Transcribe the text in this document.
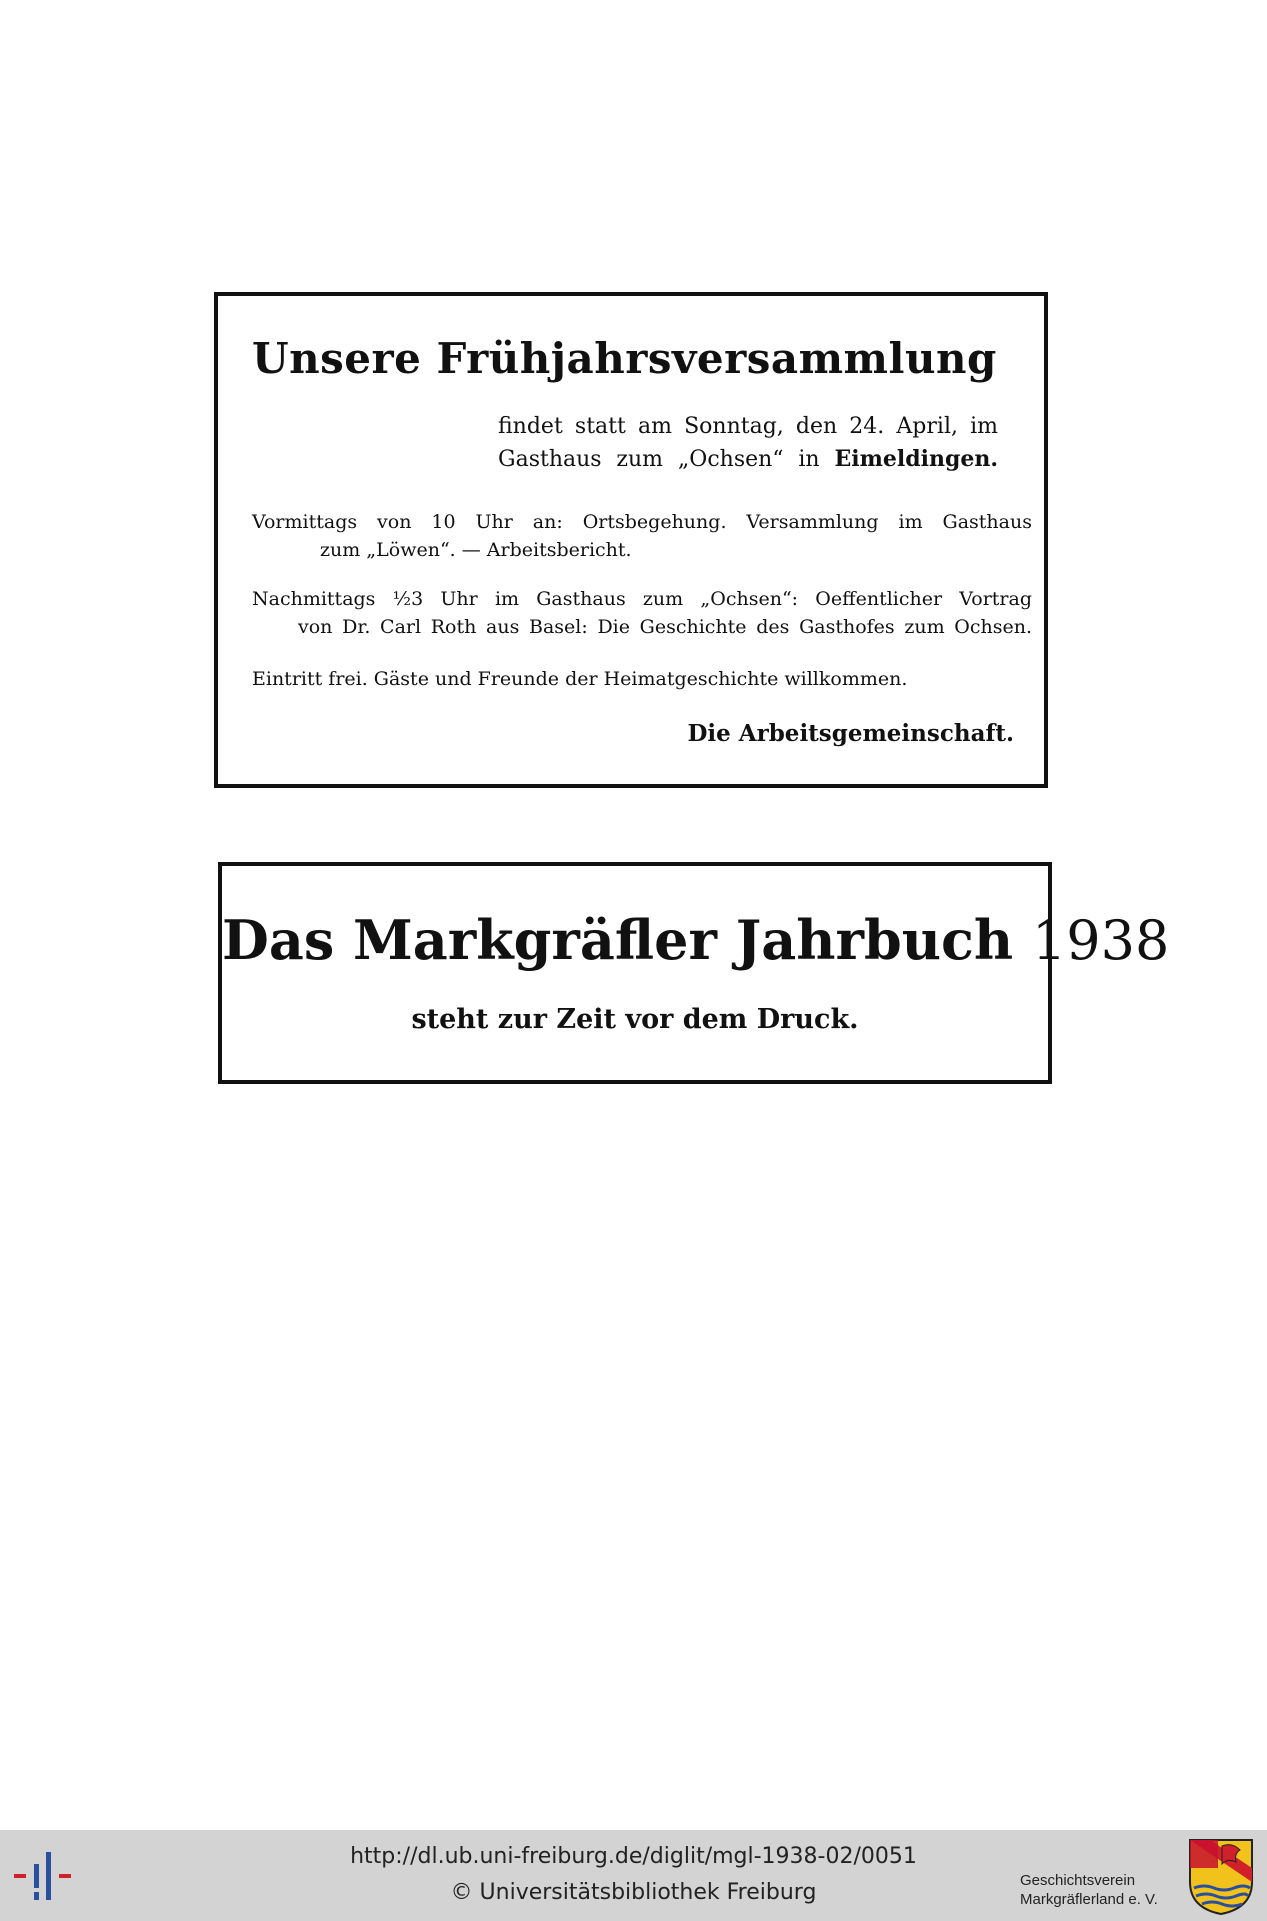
Unsere Frühjahrsversammlung
findet statt am Sonntag, den 24. April, im
Gasthaus zum „Ochsen“ in Eimeldingen.
Vormittags von 10 Uhr an: Ortsbegehung. Versammlung im Gasthaus
zum „Löwen“. — Arbeitsbericht.
Nachmittags ½3 Uhr im Gasthaus zum „Ochsen“: Oeffentlicher Vortrag
von Dr. Carl Roth aus Basel: Die Geschichte des Gasthofes zum Ochsen.
Eintritt frei. Gäste und Freunde der Heimatgeschichte willkommen.
Die Arbeitsgemeinschaft.
Das Markgräfler Jahrbuch 1938
steht zur Zeit vor dem Druck.
http://dl.ub.uni-freiburg.de/diglit/mgl-1938-02/0051
© Universitätsbibliothek Freiburg	Geschichtsverein
Markgräflerland e. V.
